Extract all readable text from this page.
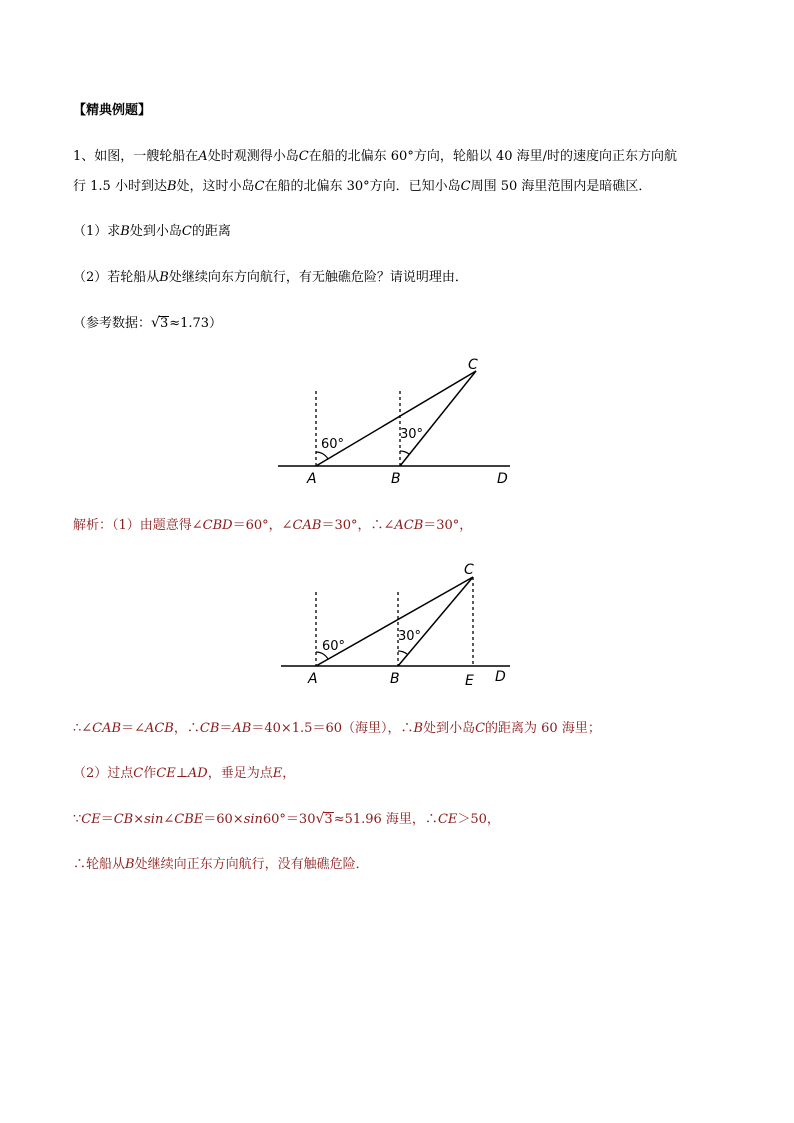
【精典例题】
1、如图，一艘轮船在A处时观测得小岛C在船的北偏东 60°方向，轮船以 40 海里/时的速度向正东方向航
行 1.5 小时到达B处，这时小岛C在船的北偏东 30°方向．已知小岛C周围 50 海里范围内是暗礁区．
（1）求B处到小岛C的距离
（2）若轮船从B处继续向东方向航行，有无触礁危险？请说明理由．
（参考数据：√3≈1.73）
60°
30°
C
A	B	D
解析：（1）由题意得∠CBD＝60°，∠CAB＝30°，∴∠ACB＝30°，
60°
30°
C
A	B	E D
∴∠CAB＝∠ACB，∴CB＝AB＝40×1.5＝60（海里），∴B处到小岛C的距离为 60 海里；
（2）过点C作CE⊥AD，垂足为点E，
∵CE＝CB×sin∠CBE＝60×sin60°＝30√3≈51.96 海里，∴CE＞50，
∴轮船从B处继续向正东方向航行，没有触礁危险．
